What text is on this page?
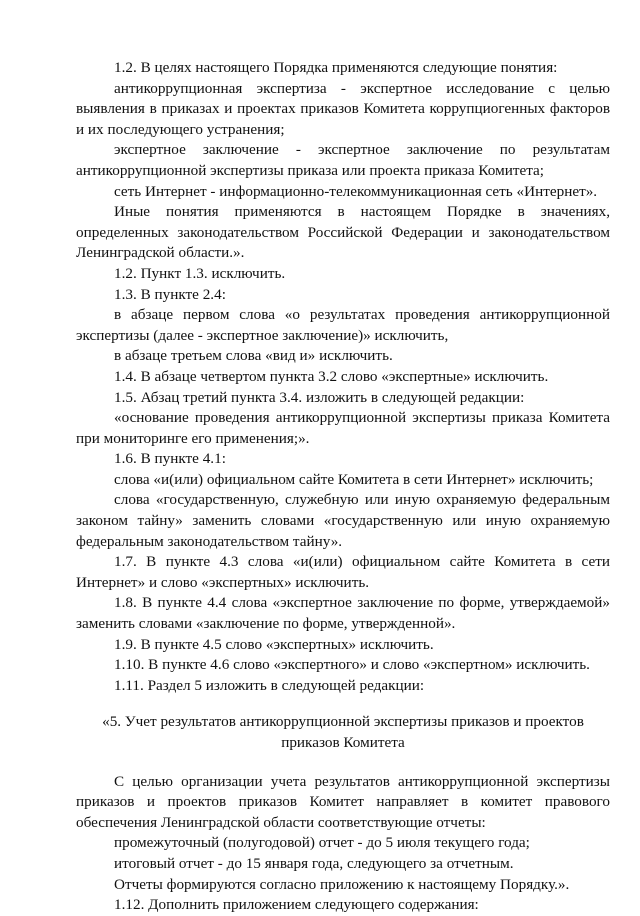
1.2. В целях настоящего Порядка применяются следующие понятия:

антикоррупционная экспертиза - экспертное исследование с целью выявления в приказах и проектах приказов Комитета коррупциогенных факторов и их последующего устранения;

экспертное заключение - экспертное заключение по результатам антикоррупционной экспертизы приказа или проекта приказа Комитета;

сеть Интернет - информационно-телекоммуникационная сеть «Интернет».

Иные понятия применяются в настоящем Порядке в значениях, определенных законодательством Российской Федерации и законодательством Ленинградской области.».

1.2. Пункт 1.3. исключить.

1.3. В пункте 2.4:

в абзаце первом слова «о результатах проведения антикоррупционной экспертизы (далее - экспертное заключение)» исключить,

в абзаце третьем слова «вид и» исключить.

1.4. В абзаце четвертом пункта 3.2 слово «экспертные» исключить.

1.5. Абзац третий пункта 3.4. изложить в следующей редакции:

«основание проведения антикоррупционной экспертизы приказа Комитета при мониторинге его применения;».

1.6. В пункте 4.1:

слова «и(или) официальном сайте Комитета в сети Интернет» исключить;

слова «государственную, служебную или иную охраняемую федеральным законом тайну» заменить словами «государственную или иную охраняемую федеральным законодательством тайну».

1.7. В пункте 4.3 слова «и(или) официальном сайте Комитета в сети Интернет» и слово «экспертных» исключить.

1.8. В пункте 4.4 слова «экспертное заключение по форме, утверждаемой» заменить словами «заключение по форме, утвержденной».

1.9. В пункте 4.5 слово «экспертных» исключить.

1.10. В пункте 4.6 слово «экспертного» и слово «экспертном» исключить.

1.11. Раздел 5 изложить в следующей редакции:

«5. Учет результатов антикоррупционной экспертизы приказов и проектов приказов Комитета

С целью организации учета результатов антикоррупционной экспертизы приказов и проектов приказов Комитет направляет в комитет правового обеспечения Ленинградской области соответствующие отчеты:

промежуточный (полугодовой) отчет - до 5 июля текущего года;

итоговый отчет - до 15 января года, следующего за отчетным.

Отчеты формируются согласно приложению к настоящему Порядку.».

1.12. Дополнить приложением следующего содержания:
